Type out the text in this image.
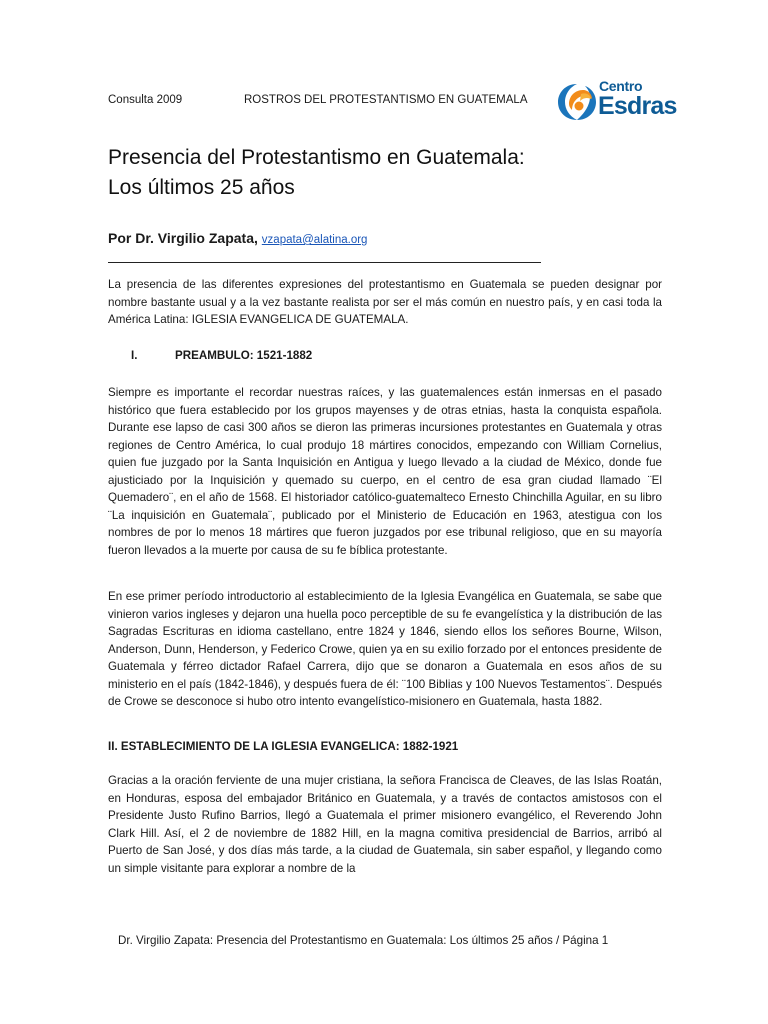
Consulta 2009	ROSTROS DEL PROTESTANTISMO EN GUATEMALA
Centro
Esdras
Presencia del Protestantismo en Guatemala:
Los últimos 25 años
Por Dr. Virgilio Zapata, vzapata@alatina.org

La presencia de las diferentes expresiones del protestantismo en Guatemala se pueden designar por nombre bastante usual y a la vez bastante realista por ser el más común en nuestro país, y en casi toda la América Latina: IGLESIA EVANGELICA DE GUATEMALA.

I.	PREAMBULO: 1521-1882

Siempre es importante el recordar nuestras raíces, y las guatemalences están inmersas en el pasado histórico que fuera establecido por los grupos mayenses y de otras etnias, hasta la conquista española. Durante ese lapso de casi 300 años se dieron las primeras incursiones protestantes en Guatemala y otras regiones de Centro América, lo cual produjo 18 mártires conocidos, empezando con William Cornelius, quien fue juzgado por la Santa Inquisición en Antigua y luego llevado a la ciudad de México, donde fue ajusticiado por la Inquisición y quemado su cuerpo, en el centro de esa gran ciudad llamado ¨El Quemadero¨, en el año de 1568. El historiador católico-guatemalteco Ernesto Chinchilla Aguilar, en su libro ¨La inquisición en Guatemala¨, publicado por el Ministerio de Educación en 1963, atestigua con los nombres de por lo menos 18 mártires que fueron juzgados por ese tribunal religioso, que en su mayoría fueron llevados a la muerte por causa de su fe bíblica protestante.

En ese primer período introductorio al establecimiento de la Iglesia Evangélica en Guatemala, se sabe que vinieron varios ingleses y dejaron una huella poco perceptible de su fe evangelística y la distribución de las Sagradas Escrituras en idioma castellano, entre 1824 y 1846, siendo ellos los señores Bourne, Wilson, Anderson, Dunn, Henderson, y Federico Crowe, quien ya en su exilio forzado por el entonces presidente de Guatemala y férreo dictador Rafael Carrera, dijo que se donaron a Guatemala en esos años de su ministerio en el país (1842-1846), y después fuera de él: ¨100 Biblias y 100 Nuevos Testamentos¨. Después de Crowe se desconoce si hubo otro intento evangelístico-misionero en Guatemala, hasta 1882.

II. ESTABLECIMIENTO DE LA IGLESIA EVANGELICA: 1882-1921

Gracias a la oración ferviente de una mujer cristiana, la señora Francisca de Cleaves, de las Islas Roatán, en Honduras, esposa del embajador Británico en Guatemala, y a través de contactos amistosos con el Presidente Justo Rufino Barrios, llegó a Guatemala el primer misionero evangélico, el Reverendo John Clark Hill. Así, el 2 de noviembre de 1882 Hill, en la magna comitiva presidencial de Barrios, arribó al Puerto de San José, y dos días más tarde, a la ciudad de Guatemala, sin saber español, y llegando como un simple visitante para explorar a nombre de la

Dr. Virgilio Zapata: Presencia del Protestantismo en Guatemala: Los últimos 25 años / Página 1
